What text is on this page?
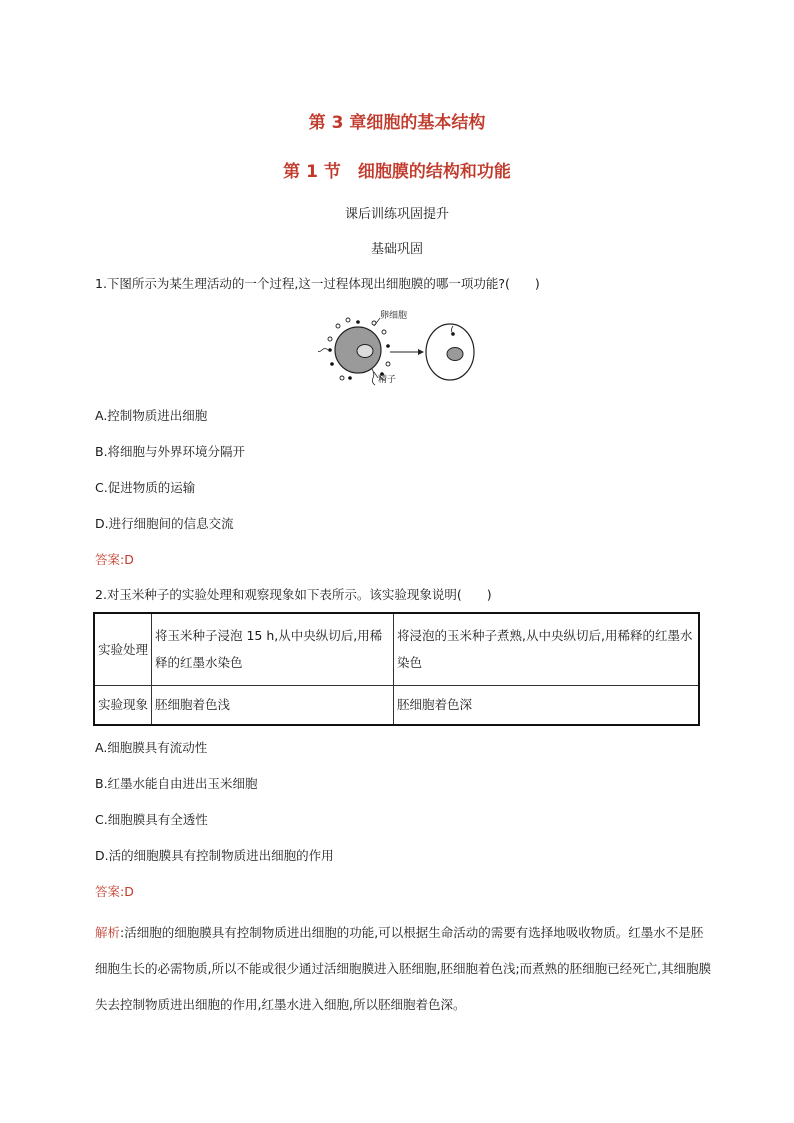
第 3 章细胞的基本结构
第 1 节　细胞膜的结构和功能
课后训练巩固提升
基础巩固
1.下图所示为某生理活动的一个过程,这一过程体现出细胞膜的哪一项功能?(　　)
卵细胞
精子
A.控制物质进出细胞
B.将细胞与外界环境分隔开
C.促进物质的运输
D.进行细胞间的信息交流
答案:D
2.对玉米种子的实验处理和观察现象如下表所示。该实验现象说明(　　)
实验处理	将玉米种子浸泡 15 h,从中央纵切后,用稀释的红墨水染色	将浸泡的玉米种子煮熟,从中央纵切后,用稀释的红墨水染色
实验现象	胚细胞着色浅	胚细胞着色深
A.细胞膜具有流动性
B.红墨水能自由进出玉米细胞
C.细胞膜具有全透性
D.活的细胞膜具有控制物质进出细胞的作用
答案:D
解析:活细胞的细胞膜具有控制物质进出细胞的功能,可以根据生命活动的需要有选择地吸收物质。红墨水不是胚细胞生长的必需物质,所以不能或很少通过活细胞膜进入胚细胞,胚细胞着色浅;而煮熟的胚细胞已经死亡,其细胞膜失去控制物质进出细胞的作用,红墨水进入细胞,所以胚细胞着色深。
